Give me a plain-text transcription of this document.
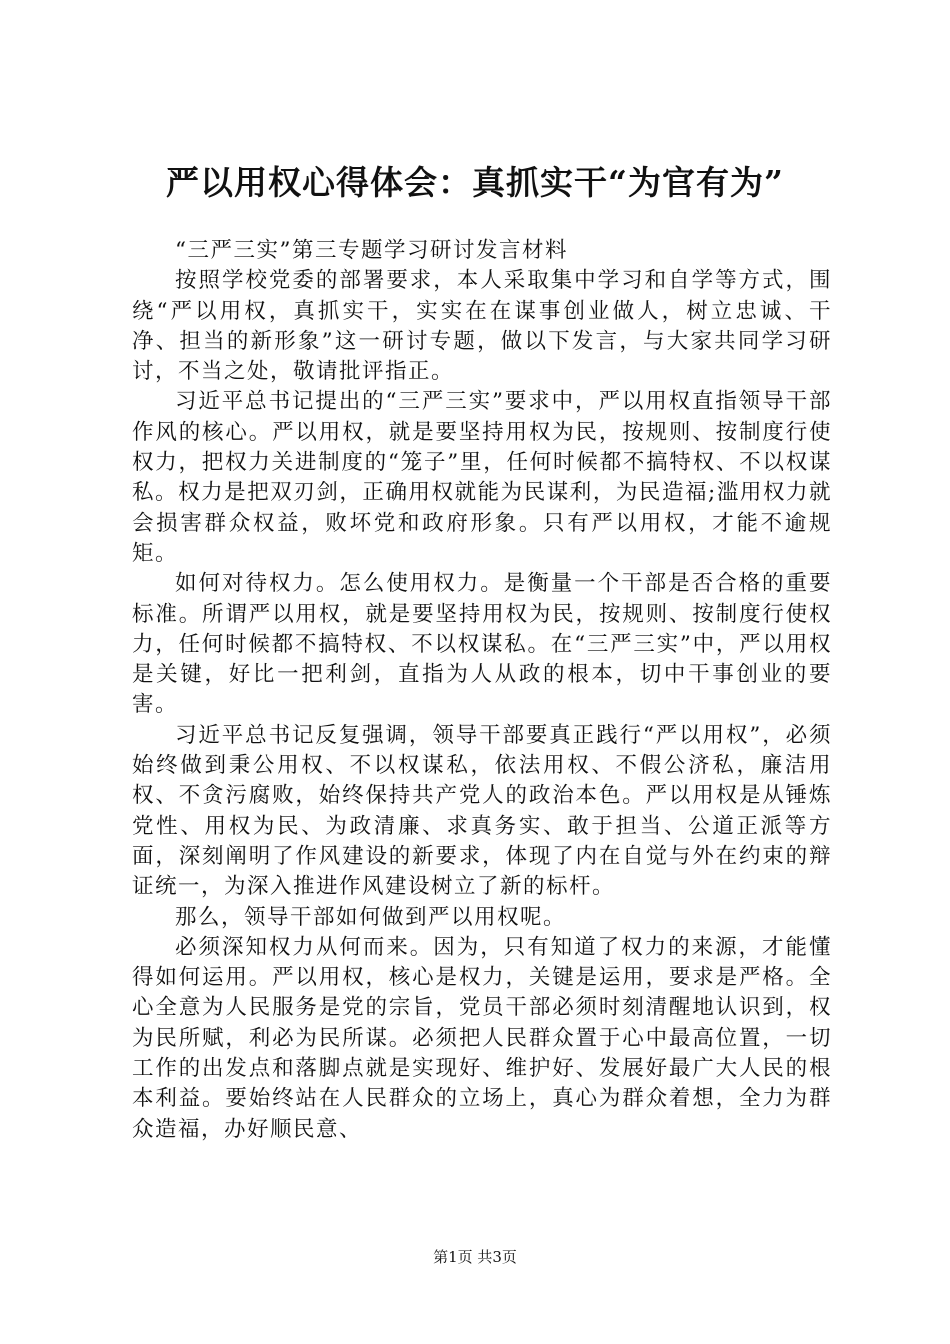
严以用权心得体会：真抓实干“为官有为”

“三严三实”第三专题学习研讨发言材料

按照学校党委的部署要求，本人采取集中学习和自学等方式，围绕“严以用权，真抓实干，实实在在谋事创业做人，树立忠诚、干净、担当的新形象”这一研讨专题，做以下发言，与大家共同学习研讨，不当之处，敬请批评指正。

习近平总书记提出的“三严三实”要求中，严以用权直指领导干部作风的核心。严以用权，就是要坚持用权为民，按规则、按制度行使权力，把权力关进制度的“笼子”里，任何时候都不搞特权、不以权谋私。权力是把双刃剑，正确用权就能为民谋利，为民造福;滥用权力就会损害群众权益，败坏党和政府形象。只有严以用权，才能不逾规矩。

如何对待权力。怎么使用权力。是衡量一个干部是否合格的重要标准。所谓严以用权，就是要坚持用权为民，按规则、按制度行使权力，任何时候都不搞特权、不以权谋私。在“三严三实”中，严以用权是关键，好比一把利剑，直指为人从政的根本，切中干事创业的要害。

习近平总书记反复强调，领导干部要真正践行“严以用权”，必须始终做到秉公用权、不以权谋私，依法用权、不假公济私，廉洁用权、不贪污腐败，始终保持共产党人的政治本色。严以用权是从锤炼党性、用权为民、为政清廉、求真务实、敢于担当、公道正派等方面，深刻阐明了作风建设的新要求，体现了内在自觉与外在约束的辩证统一，为深入推进作风建设树立了新的标杆。

那么，领导干部如何做到严以用权呢。

必须深知权力从何而来。因为，只有知道了权力的来源，才能懂得如何运用。严以用权，核心是权力，关键是运用，要求是严格。全心全意为人民服务是党的宗旨，党员干部必须时刻清醒地认识到，权为民所赋，利必为民所谋。必须把人民群众置于心中最高位置，一切工作的出发点和落脚点就是实现好、维护好、发展好最广大人民的根本利益。要始终站在人民群众的立场上，真心为群众着想，全力为群众造福，办好顺民意、

第1页 共3页
